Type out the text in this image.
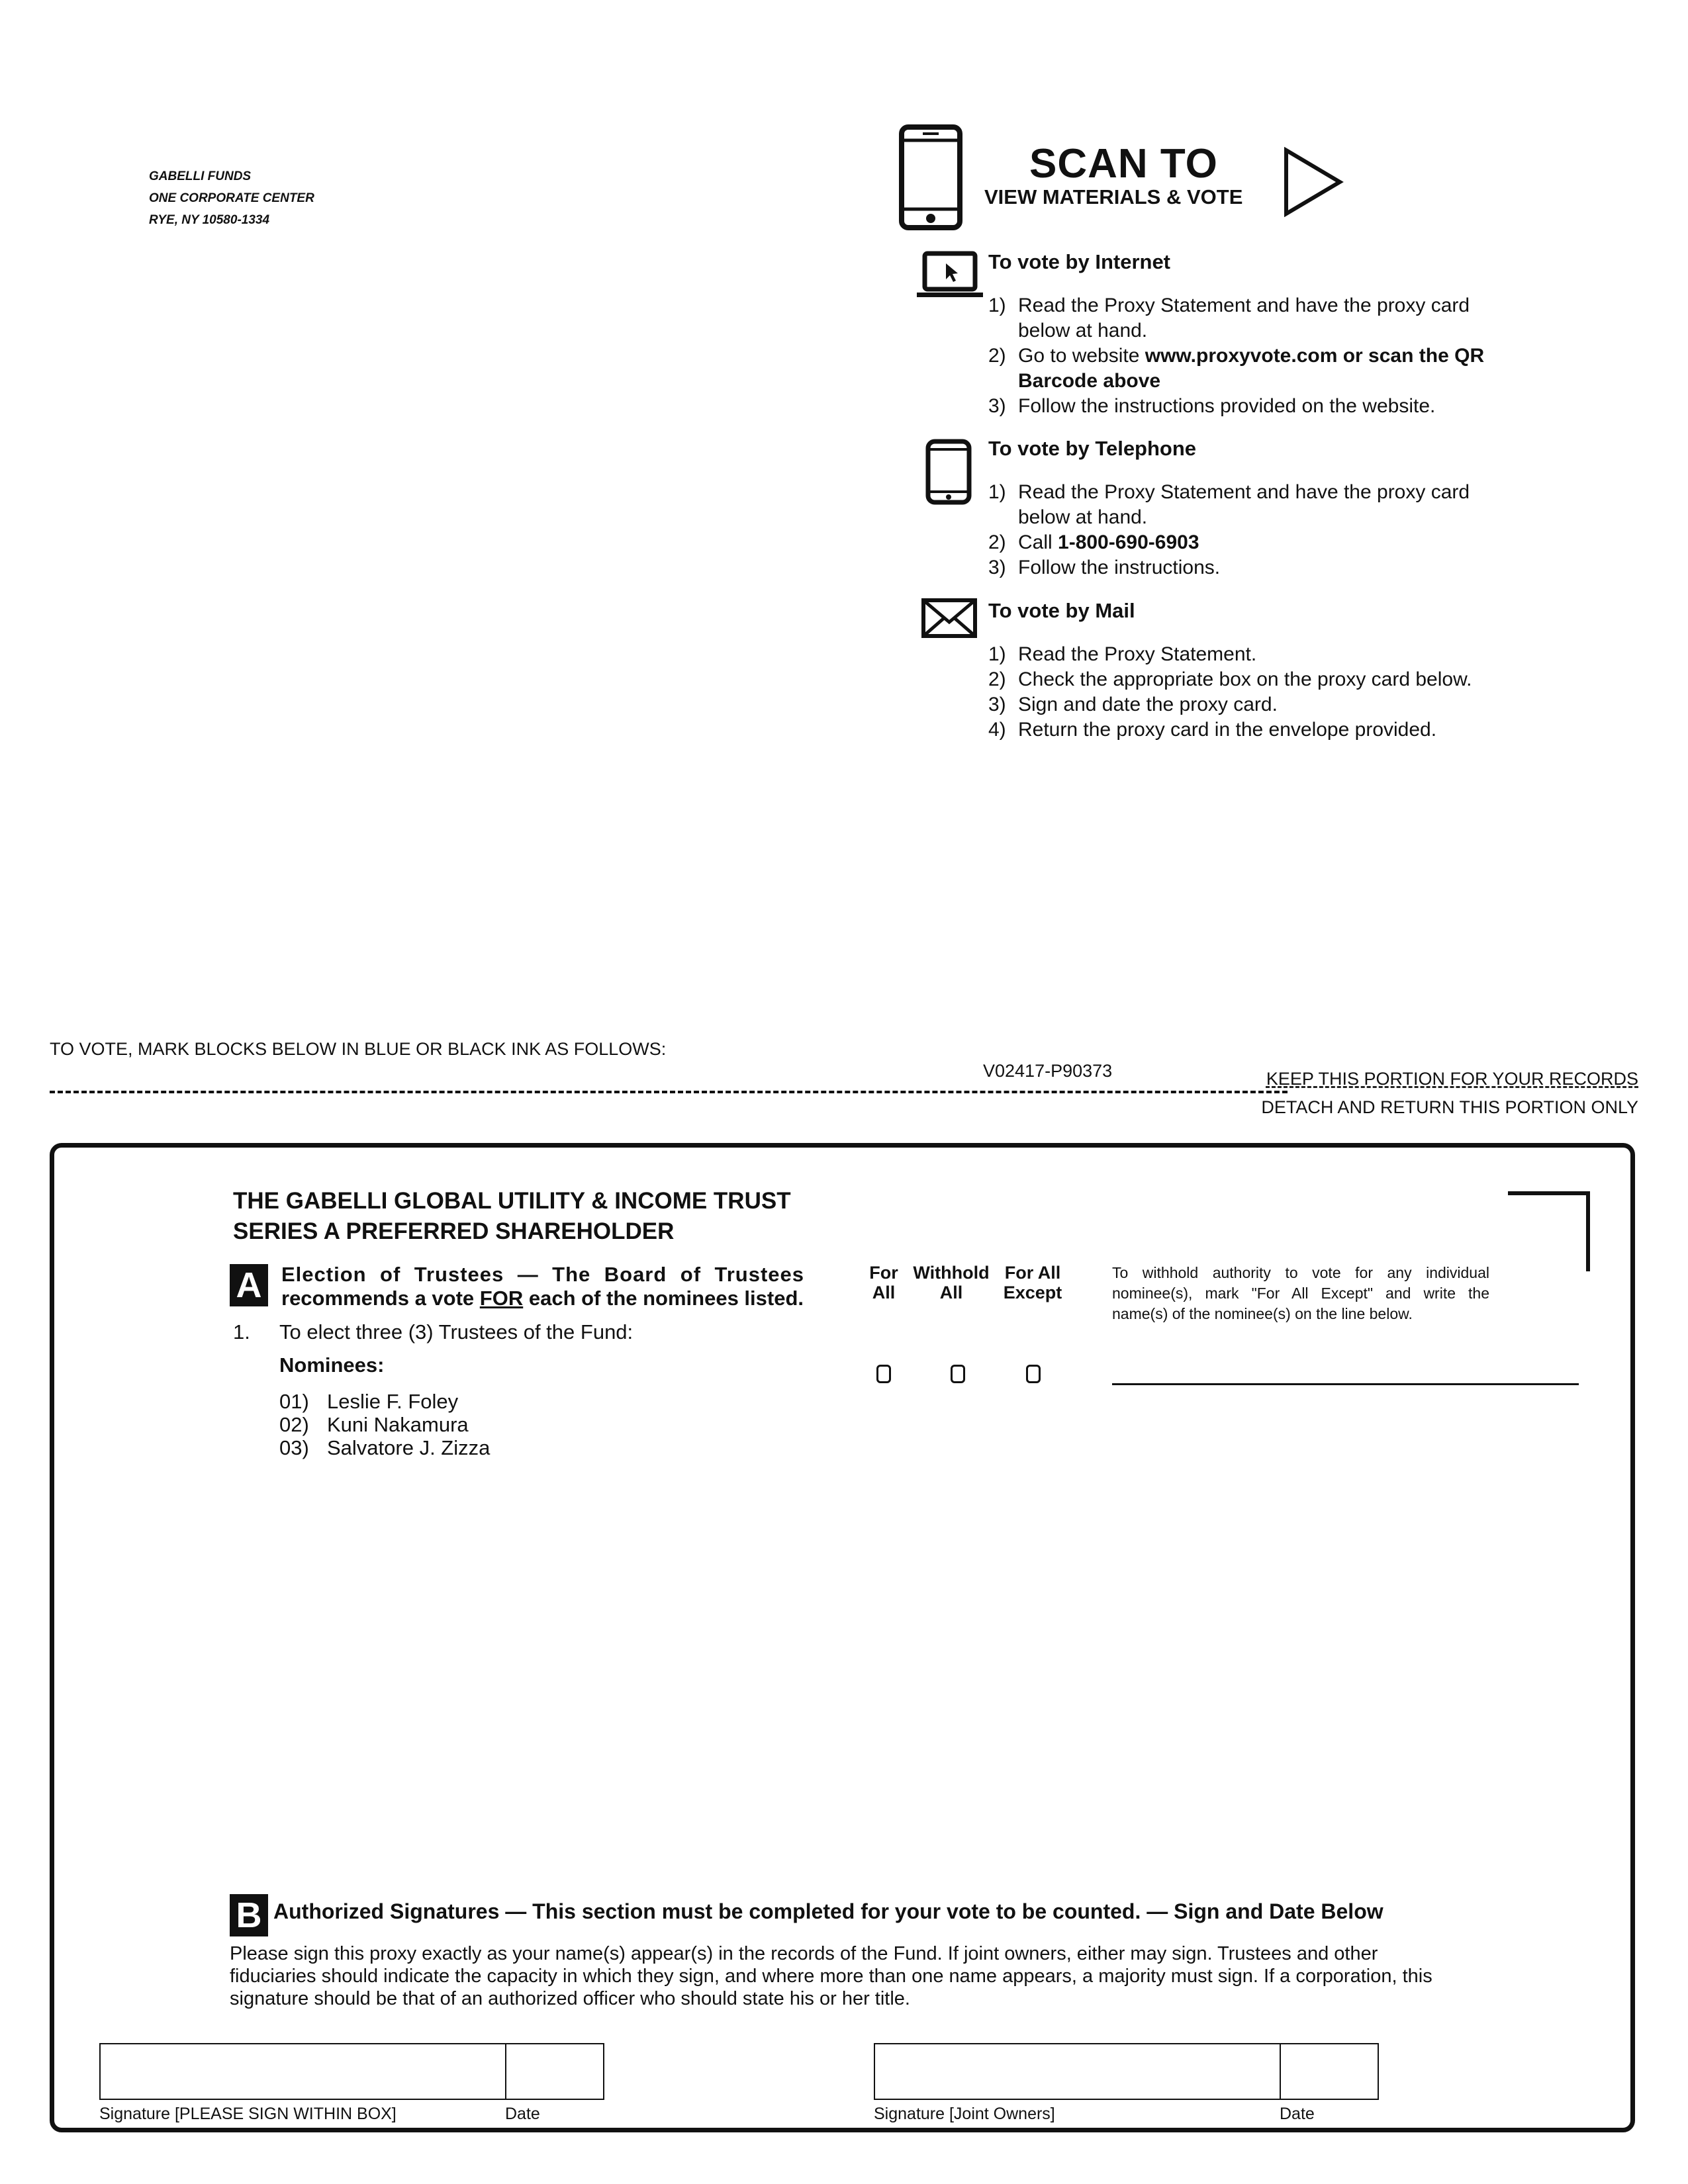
GABELLI FUNDS
ONE CORPORATE CENTER
RYE, NY 10580-1334
SCAN TO
VIEW MATERIALS & VOTE
To vote by Internet
1) Read the Proxy Statement and have the proxy card below at hand.
2) Go to website www.proxyvote.com or scan the QR Barcode above
3) Follow the instructions provided on the website.
To vote by Telephone
1) Read the Proxy Statement and have the proxy card below at hand.
2) Call 1-800-690-6903
3) Follow the instructions.
To vote by Mail
1) Read the Proxy Statement.
2) Check the appropriate box on the proxy card below.
3) Sign and date the proxy card.
4) Return the proxy card in the envelope provided.
TO VOTE, MARK BLOCKS BELOW IN BLUE OR BLACK INK AS FOLLOWS:
V02417-P90373	KEEP THIS PORTION FOR YOUR RECORDS
DETACH AND RETURN THIS PORTION ONLY
THE GABELLI GLOBAL UTILITY & INCOME TRUST
SERIES A PREFERRED SHAREHOLDER
A Election of Trustees — The Board of Trustees
recommends a vote FOR each of the nominees listed.
1. To elect three (3) Trustees of the Fund:
Nominees:
01) Leslie F. Foley
02) Kuni Nakamura
03) Salvatore J. Zizza
For
All
Withhold
All
For All
Except
To withhold authority to vote for any individual nominee(s), mark "For All Except" and write the name(s) of the nominee(s) on the line below.
B Authorized Signatures — This section must be completed for your vote to be counted. — Sign and Date Below
Please sign this proxy exactly as your name(s) appear(s) in the records of the Fund. If joint owners, either may sign. Trustees and other fiduciaries should indicate the capacity in which they sign, and where more than one name appears, a majority must sign. If a corporation, this signature should be that of an authorized officer who should state his or her title.
Signature [PLEASE SIGN WITHIN BOX]	Date	Signature [Joint Owners]	Date
